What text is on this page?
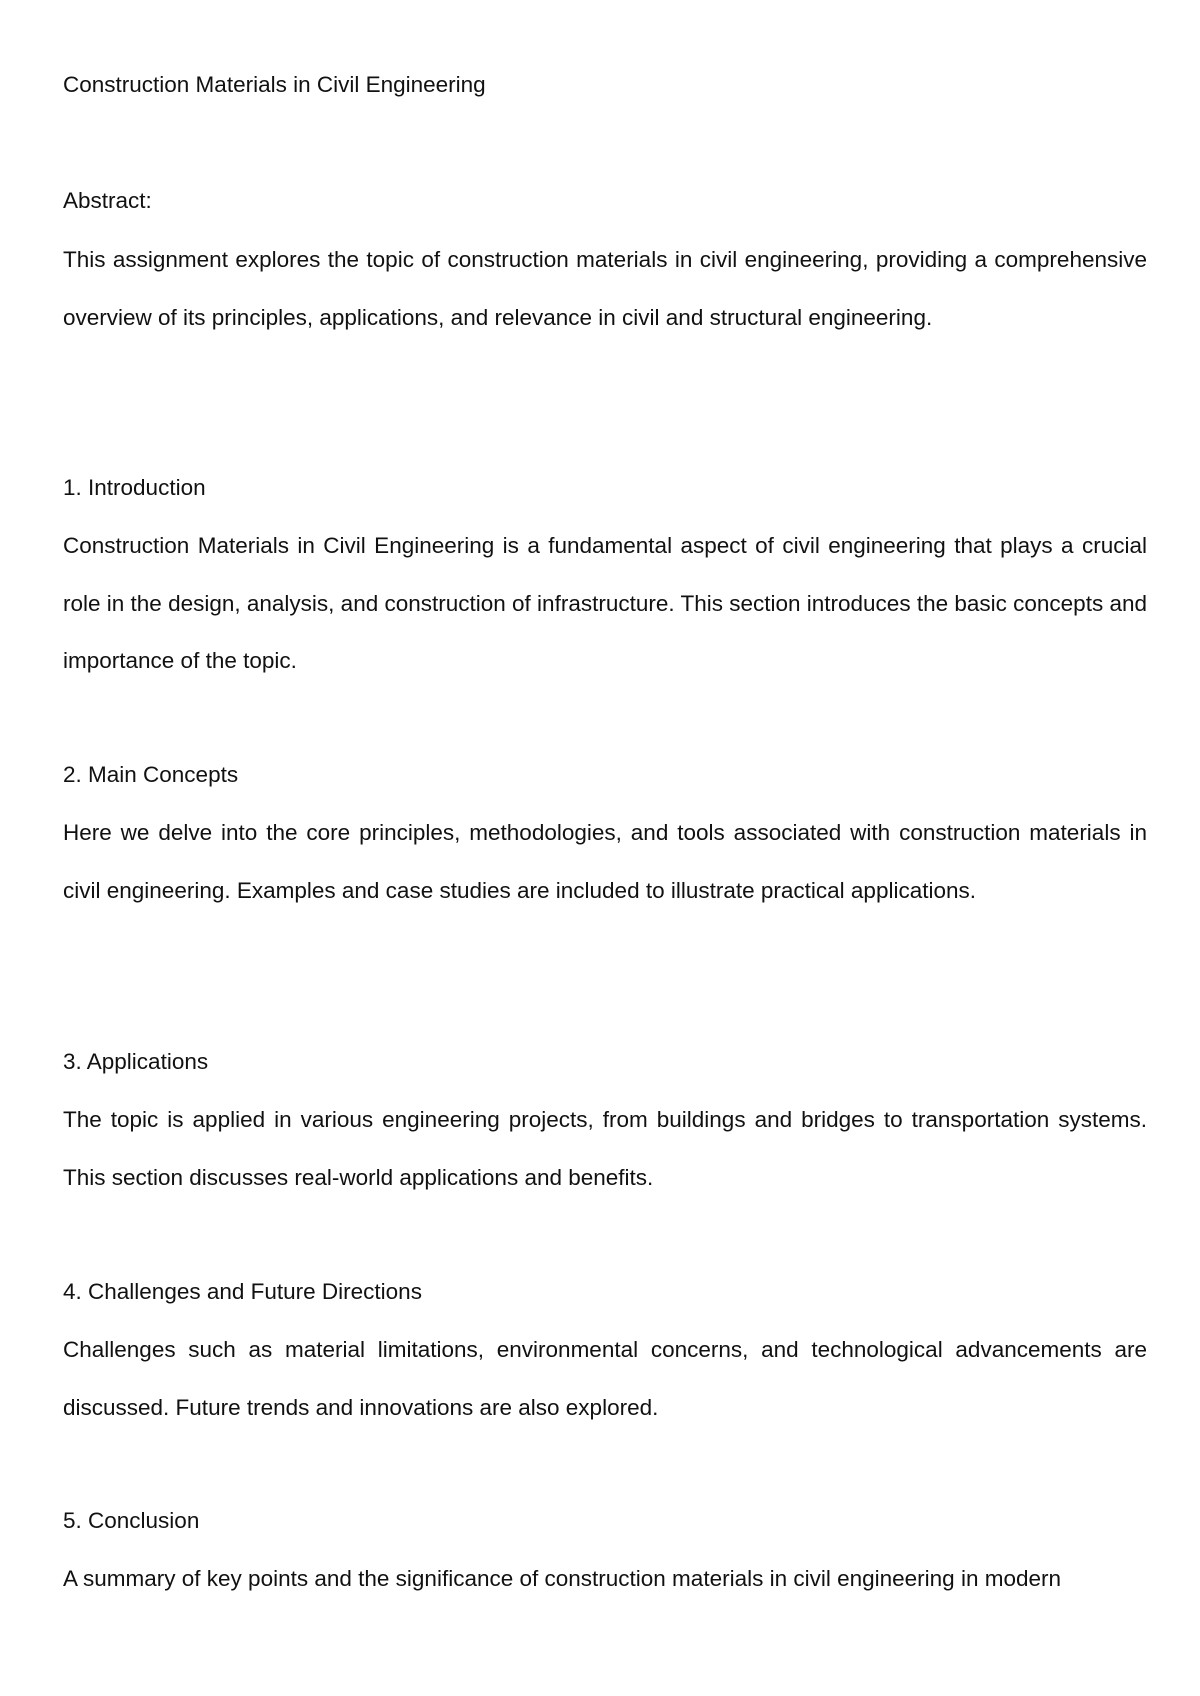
Construction Materials in Civil Engineering

Abstract:

This assignment explores the topic of construction materials in civil engineering, providing a comprehensive overview of its principles, applications, and relevance in civil and structural engineering.

1. Introduction

Construction Materials in Civil Engineering is a fundamental aspect of civil engineering that plays a crucial role in the design, analysis, and construction of infrastructure. This section introduces the basic concepts and importance of the topic.

2. Main Concepts

Here we delve into the core principles, methodologies, and tools associated with construction materials in civil engineering. Examples and case studies are included to illustrate practical applications.

3. Applications

The topic is applied in various engineering projects, from buildings and bridges to transportation systems. This section discusses real-world applications and benefits.

4. Challenges and Future Directions

Challenges such as material limitations, environmental concerns, and technological advancements are discussed. Future trends and innovations are also explored.

5. Conclusion

A summary of key points and the significance of construction materials in civil engineering in modern
